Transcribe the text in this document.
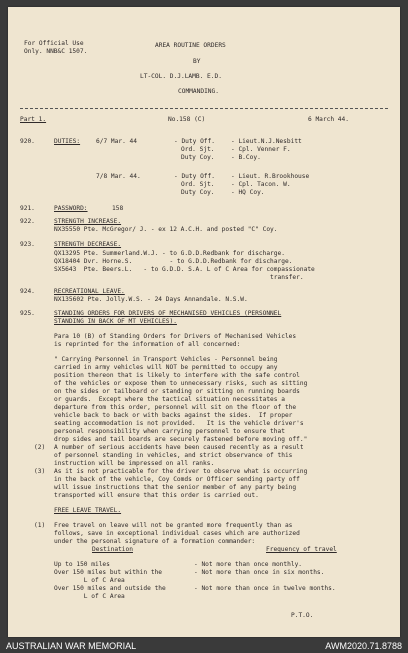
For Official Use
Only. NNB&C 1507.
AREA ROUTINE ORDERS
BY
LT-COL. D.J.LAMB. E.D.
COMMANDING.
Part 1.	No.158 (C)	6 March 44.
920.	DUTIES:	6/7 Mar. 44	- Duty Off.	- Lieut.N.J.Nesbitt
Ord. Sjt.	- Cpl. Venner F.
Duty Coy.	- B.Coy.
7/8 Mar. 44.	- Duty Off.	- Lieut. R.Brookhouse
Ord. Sjt.	- Cpl. Tacon. W.
Duty Coy.	- HQ Coy.
921.	PASSWORD:	158
922.	STRENGTH INCREASE.
NX35550 Pte. McGregor/ J. - ex 12 A.C.H. and posted "C" Coy.
923.	STRENGTH DECREASE.
QX13295 Pte. Summerland.W.J. - to G.D.D.Redbank for discharge.
QX18404 Dvr. Horne.S.          - to G.D.D.Redbank for discharge.
SX5643  Pte. Beers.L.   - to G.D.D. S.A. L of C Area for compassionate
transfer.
924.	RECREATIONAL LEAVE.
NX135602 Pte. Jolly.W.S. - 24 Days Annandale. N.S.W.
925.	STANDING ORDERS FOR DRIVERS OF MECHANISED VEHICLES (PERSONNEL
STANDING IN BACK OF MT VEHICLES).
Para 10 (B) of Standing Orders for Drivers of Mechanised Vehicles
is reprinted for the information of all concerned:
" Carrying Personnel in Transport Vehicles - Personnel being
carried in army vehicles will NOT be permitted to occupy any
position thereon that is likely to interfere with the safe control
of the vehicles or expose them to unnecessary risks, such as sitting
on the sides or tailboard or standing or sitting on running boards
or guards.  Except where the tactical situation necessitates a
departure from this order, personnel will sit on the floor of the
vehicle back to back or with backs against the sides.  If proper
seating accommodation is not provided.   It is the vehicle driver's
personal responsibility when carrying personnel to ensure that
drop sides and tail boards are securely fastened before moving off."
(2) A number of serious accidents have been caused recently as a result
of personnel standing in vehicles, and strict observance of this
instruction will be impressed on all ranks.
(3) As it is not practicable for the driver to observe what is occurring
in the back of the vehicle, Coy Comds or Officer sending party off
will issue instructions that the senior member of any party being
transported will ensure that this order is carried out.
FREE LEAVE TRAVEL.
(1) Free travel on leave will not be granted more frequently than as
follows, save in exceptional individual cases which are authorized
under the personal signature of a formation commander:
Destination	Frequency of travel
Up to 150 miles	- Not more than once monthly.
Over 150 miles but within the	- Not more than once in six months.
L of C Area
Over 150 miles and outside the	- Not more than once in twelve months.
L of C Area
P.T.O.
AUSTRALIAN WAR MEMORIAL	AWM2020.71.8788
